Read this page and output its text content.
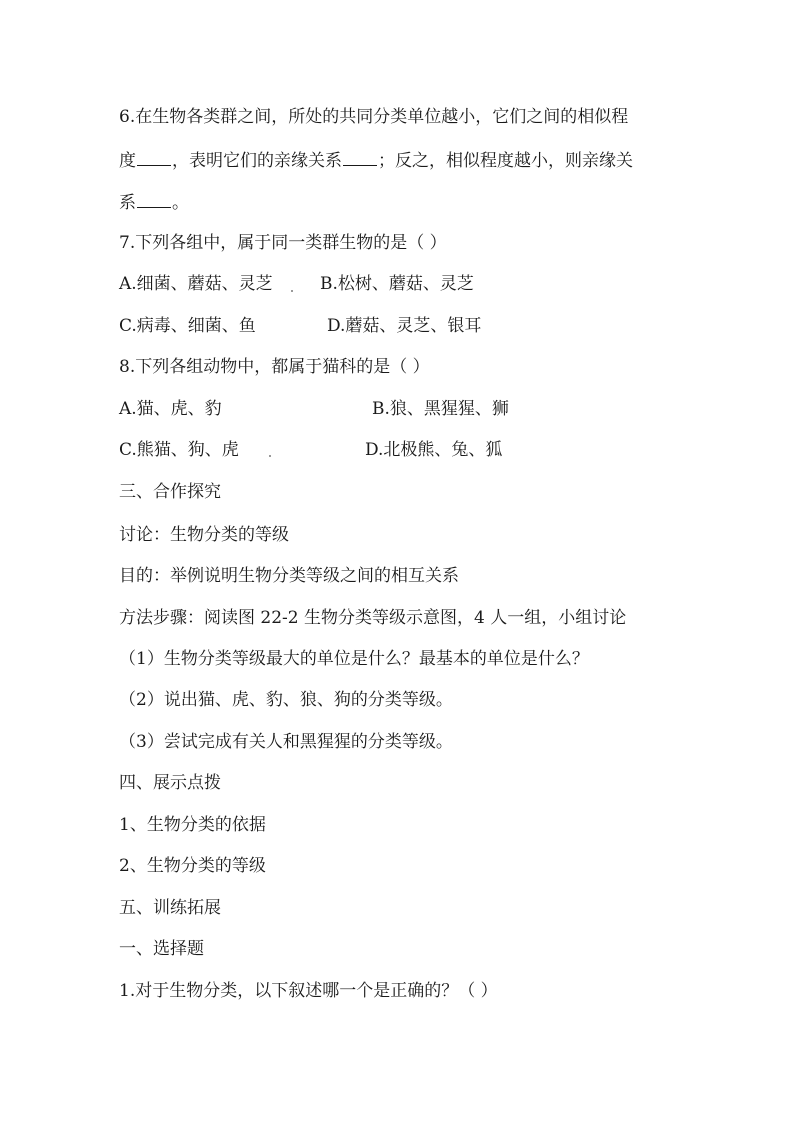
6.在生物各类群之间，所处的共同分类单位越小，它们之间的相似程
度 ，表明它们的亲缘关系 ；反之，相似程度越小，则亲缘关
系 。
7.下列各组中，属于同一类群生物的是（ ）
A.细菌、蘑菇、灵芝	B.松树、蘑菇、灵芝
C.病毒、细菌、鱼	D.蘑菇、灵芝、银耳
8.下列各组动物中，都属于猫科的是（ ）
A.猫、虎、豹	B.狼、黑猩猩、狮
C.熊猫、狗、虎	D.北极熊、兔、狐
三、合作探究
讨论：生物分类的等级
目的：举例说明生物分类等级之间的相互关系
方法步骤：阅读图 22-2 生物分类等级示意图，4 人一组，小组讨论
（1）生物分类等级最大的单位是什么？最基本的单位是什么？
（2）说出猫、虎、豹、狼、狗的分类等级。
（3）尝试完成有关人和黑猩猩的分类等级。
四、展示点拨
1、生物分类的依据
2、生物分类的等级
五、训练拓展
一、选择题
1.对于生物分类，以下叙述哪一个是正确的？（ ）
